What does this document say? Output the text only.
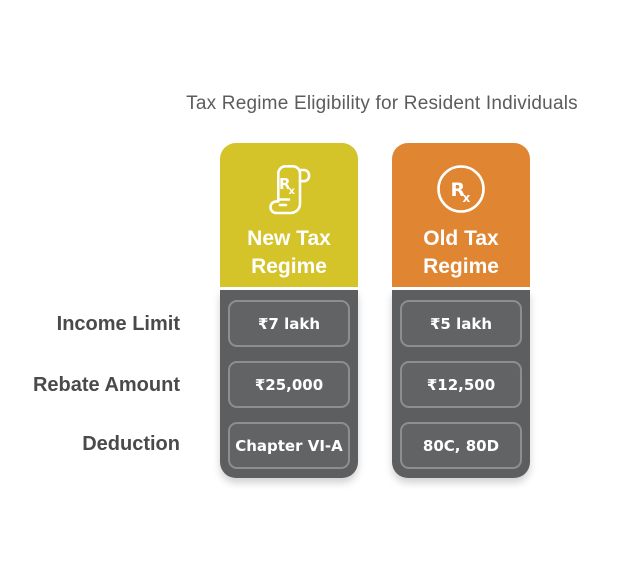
Tax Regime Eligibility for Resident Individuals
Income Limit
Rebate Amount
Deduction
R
x
New Tax
Regime
₹7 lakh
₹25,000
Chapter VI-A
R
x
Old Tax
Regime
₹5 lakh
₹12,500
80C, 80D
